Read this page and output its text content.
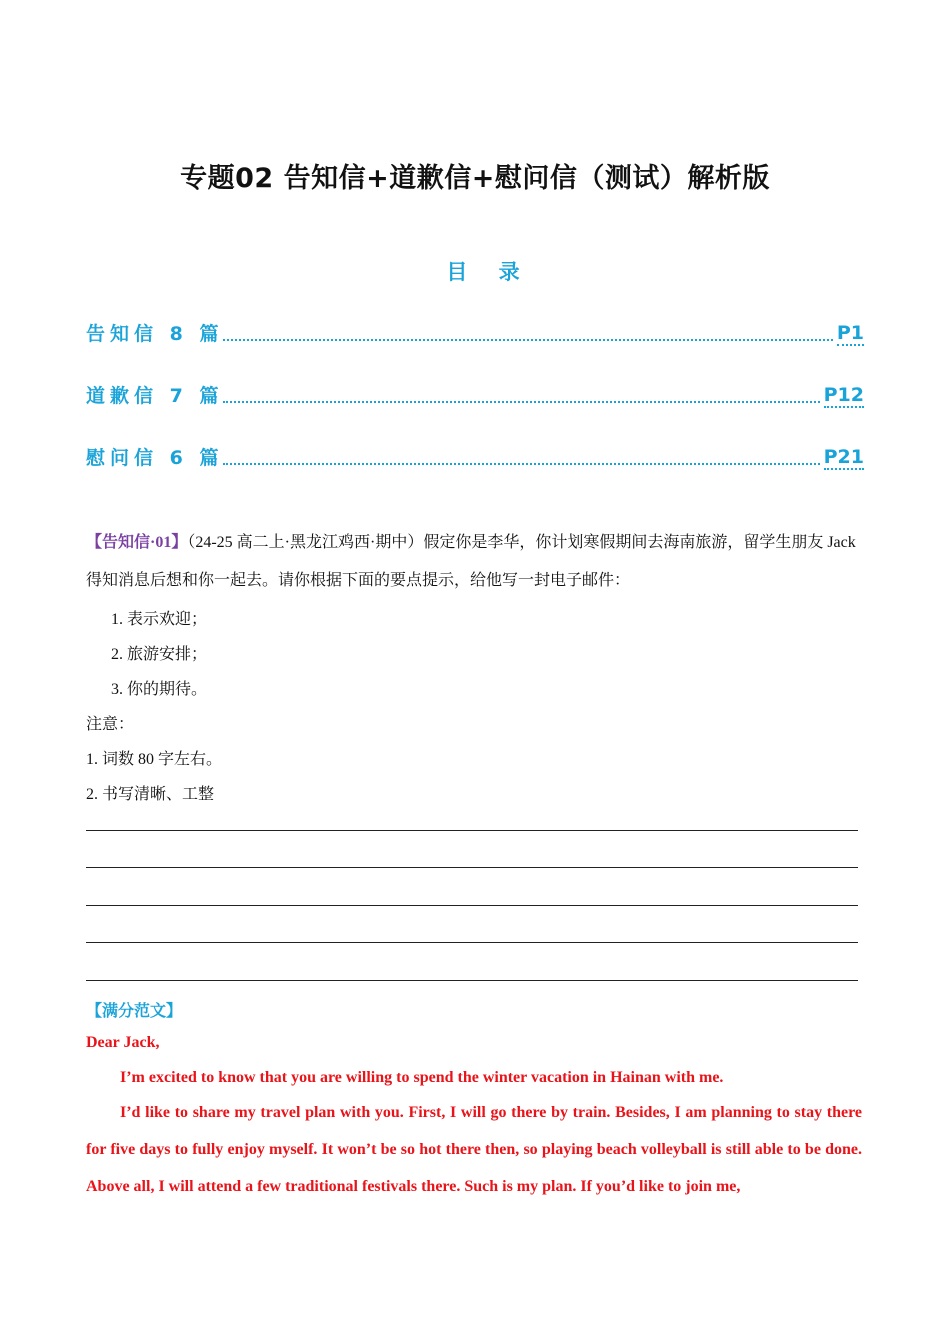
专题02 告知信+道歉信+慰问信（测试）解析版
目 录
告知信 8 篇	P1
道歉信 7 篇	P12
慰问信 6 篇	P21
【告知信·01】（24-25 高二上·黑龙江鸡西·期中）假定你是李华，你计划寒假期间去海南旅游，留学生朋友 Jack 得知消息后想和你一起去。请你根据下面的要点提示，给他写一封电子邮件：
1. 表示欢迎；
2. 旅游安排；
3. 你的期待。
注意：
1. 词数 80 字左右。
2. 书写清晰、工整
【满分范文】
Dear Jack,
I’m excited to know that you are willing to spend the winter vacation in Hainan with me.
I’d like to share my travel plan with you. First, I will go there by train. Besides, I am planning to stay there for five days to fully enjoy myself. It won’t be so hot there then, so playing beach volleyball is still able to be done. Above all, I will attend a few traditional festivals there. Such is my plan. If you’d like to join me,
